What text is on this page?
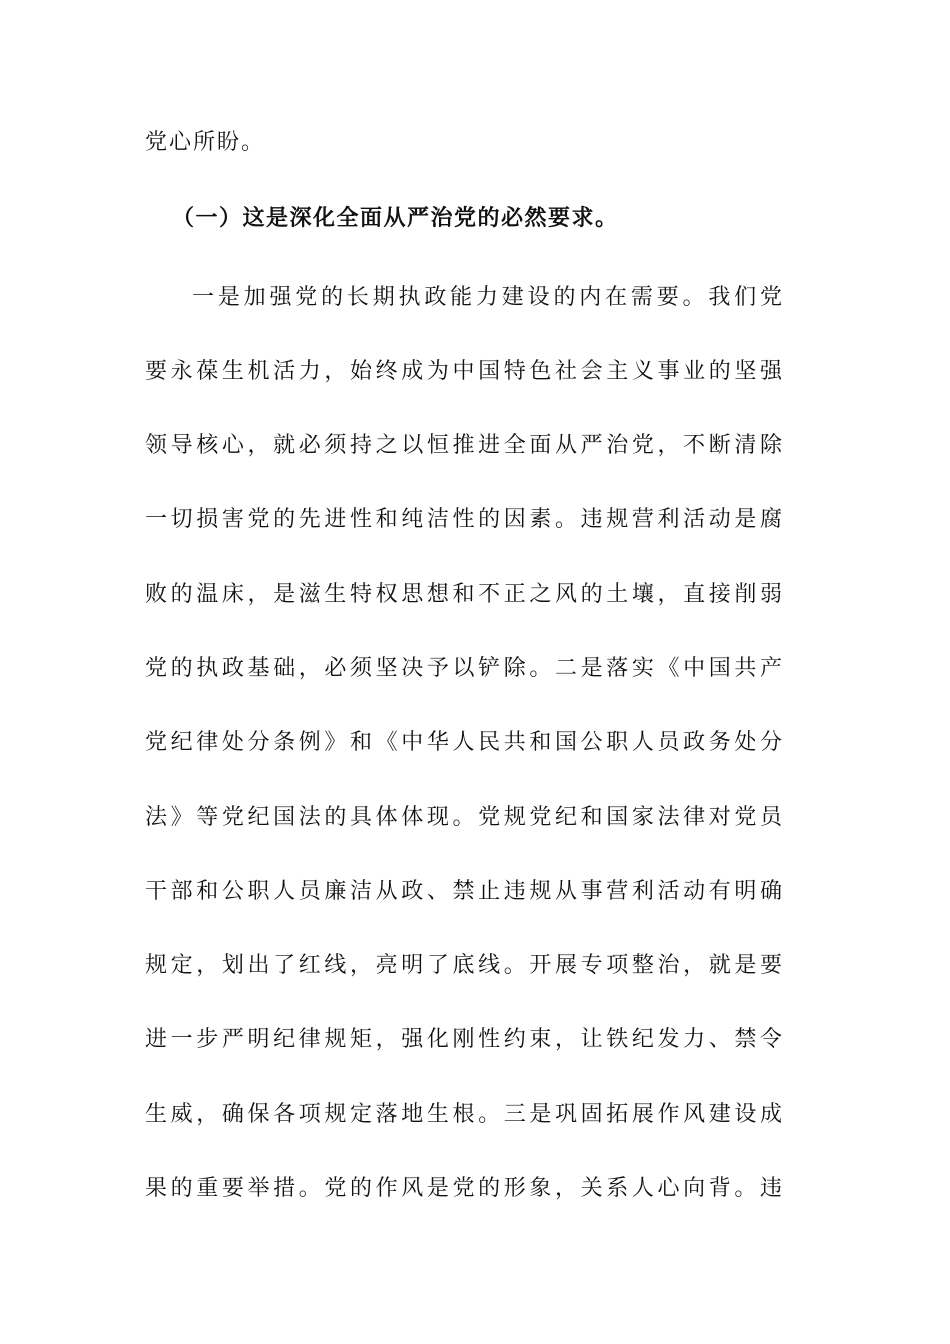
党心所盼。
（一）这是深化全面从严治党的必然要求。
一是加强党的长期执政能力建设的内在需要。我们党
要永葆生机活力，始终成为中国特色社会主义事业的坚强
领导核心，就必须持之以恒推进全面从严治党，不断清除
一切损害党的先进性和纯洁性的因素。违规营利活动是腐
败的温床，是滋生特权思想和不正之风的土壤，直接削弱
党的执政基础，必须坚决予以铲除。二是落实《中国共产
党纪律处分条例》和《中华人民共和国公职人员政务处分
法》等党纪国法的具体体现。党规党纪和国家法律对党员
干部和公职人员廉洁从政、禁止违规从事营利活动有明确
规定，划出了红线，亮明了底线。开展专项整治，就是要
进一步严明纪律规矩，强化刚性约束，让铁纪发力、禁令
生威，确保各项规定落地生根。三是巩固拓展作风建设成
果的重要举措。党的作风是党的形象，关系人心向背。违
